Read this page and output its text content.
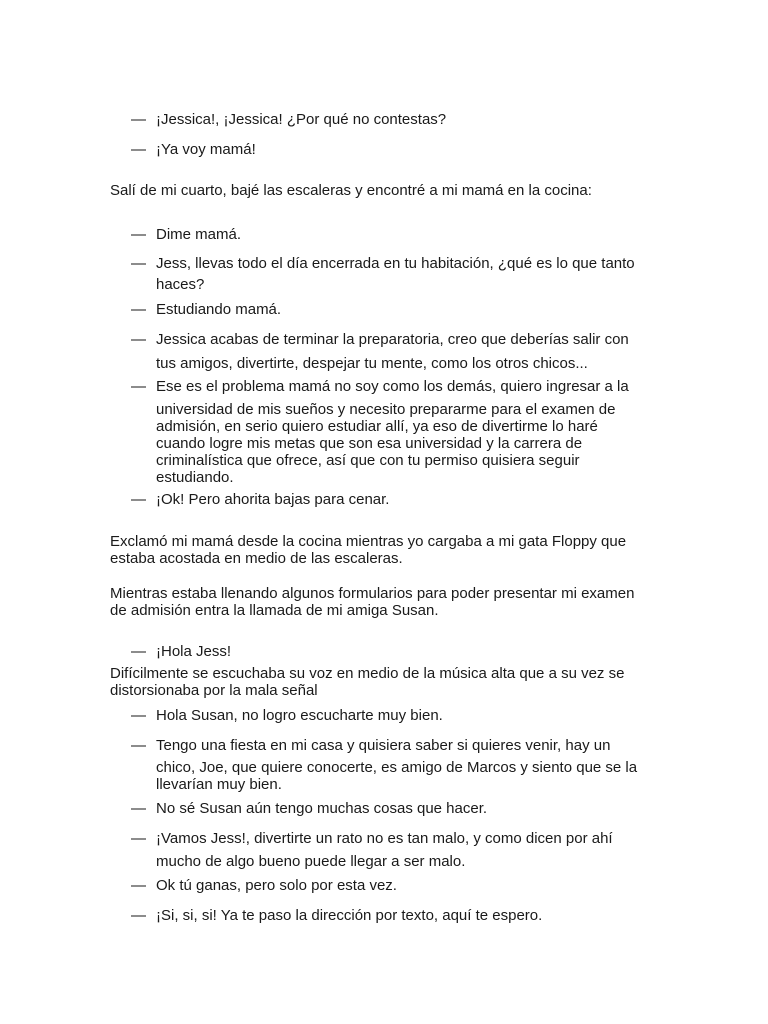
— ¡Jessica!, ¡Jessica! ¿Por qué no contestas?
— ¡Ya voy mamá!
Salí de mi cuarto, bajé las escaleras y encontré a mi mamá en la cocina:
— Dime mamá.
— Jess, llevas todo el día encerrada en tu habitación, ¿qué es lo que tanto
haces?
— Estudiando mamá.
— Jessica acabas de terminar la preparatoria, creo que deberías salir con
tus amigos, divertirte, despejar tu mente, como los otros chicos...
— Ese es el problema mamá no soy como los demás, quiero ingresar a la
universidad de mis sueños y necesito prepararme para el examen de
admisión, en serio quiero estudiar allí, ya eso de divertirme lo haré
cuando logre mis metas que son esa universidad y la carrera de
criminalística que ofrece, así que con tu permiso quisiera seguir
estudiando.
— ¡Ok! Pero ahorita bajas para cenar.
Exclamó mi mamá desde la cocina mientras yo cargaba a mi gata Floppy que
estaba acostada en medio de las escaleras.
Mientras estaba llenando algunos formularios para poder presentar mi examen
de admisión entra la llamada de mi amiga Susan.
— ¡Hola Jess!
Difícilmente se escuchaba su voz en medio de la música alta que a su vez se
distorsionaba por la mala señal
— Hola Susan, no logro escucharte muy bien.
— Tengo una fiesta en mi casa y quisiera saber si quieres venir, hay un
chico, Joe, que quiere conocerte, es amigo de Marcos y siento que se la
llevarían muy bien.
— No sé Susan aún tengo muchas cosas que hacer.
— ¡Vamos Jess!, divertirte un rato no es tan malo, y como dicen por ahí
mucho de algo bueno puede llegar a ser malo.
— Ok tú ganas, pero solo por esta vez.
— ¡Si, si, si! Ya te paso la dirección por texto, aquí te espero.
